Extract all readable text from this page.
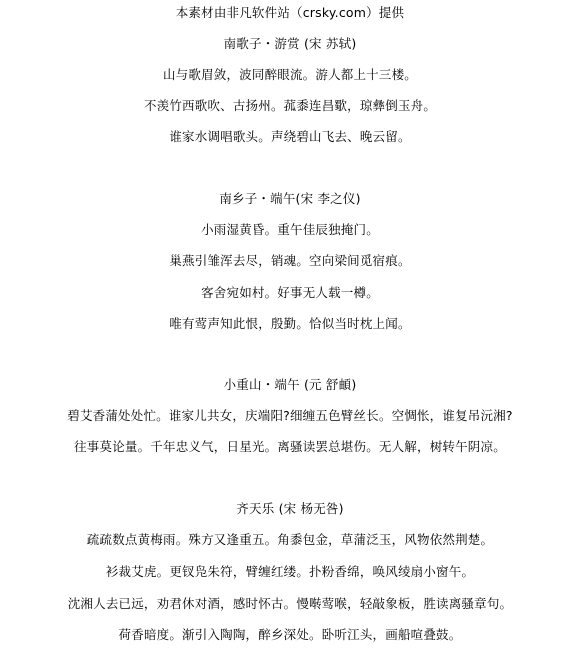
本素材由非凡软件站（crsky.com）提供
南歌子・游赏 (宋 苏轼)
山与歌眉敛，波同醉眼流。游人都上十三楼。
不羡竹西歌吹、古扬州。菰黍连昌歜，琼彝倒玉舟。
谁家水调唱歌头。声绕碧山飞去、晚云留。
南乡子・端午(宋 李之仪)
小雨湿黄昏。重午佳辰独掩门。
巢燕引雏浑去尽，销魂。空向梁间觅宿痕。
客舍宛如村。好事无人载一樽。
唯有莺声知此恨，殷勤。恰似当时枕上闻。
小重山・端午 (元 舒頔)
碧艾香蒲处处忙。谁家儿共女，庆端阳?细缠五色臂丝长。空惆怅，谁复吊沅湘?
往事莫论量。千年忠义气，日星光。离骚读罢总堪伤。无人解，树转午阴凉。
齐天乐 (宋 杨无咎)
疏疏数点黄梅雨。殊方又逢重五。角黍包金，草蒲泛玉，风物依然荆楚。
衫裁艾虎。更钗凫朱符，臂缠红缕。扑粉香绵，唤风绫扇小窗午。
沈湘人去已远，劝君休对酒，感时怀古。慢啭莺喉，轻敲象板，胜读离骚章句。
荷香暗度。渐引入陶陶，醉乡深处。卧听江头，画船喧叠鼓。
